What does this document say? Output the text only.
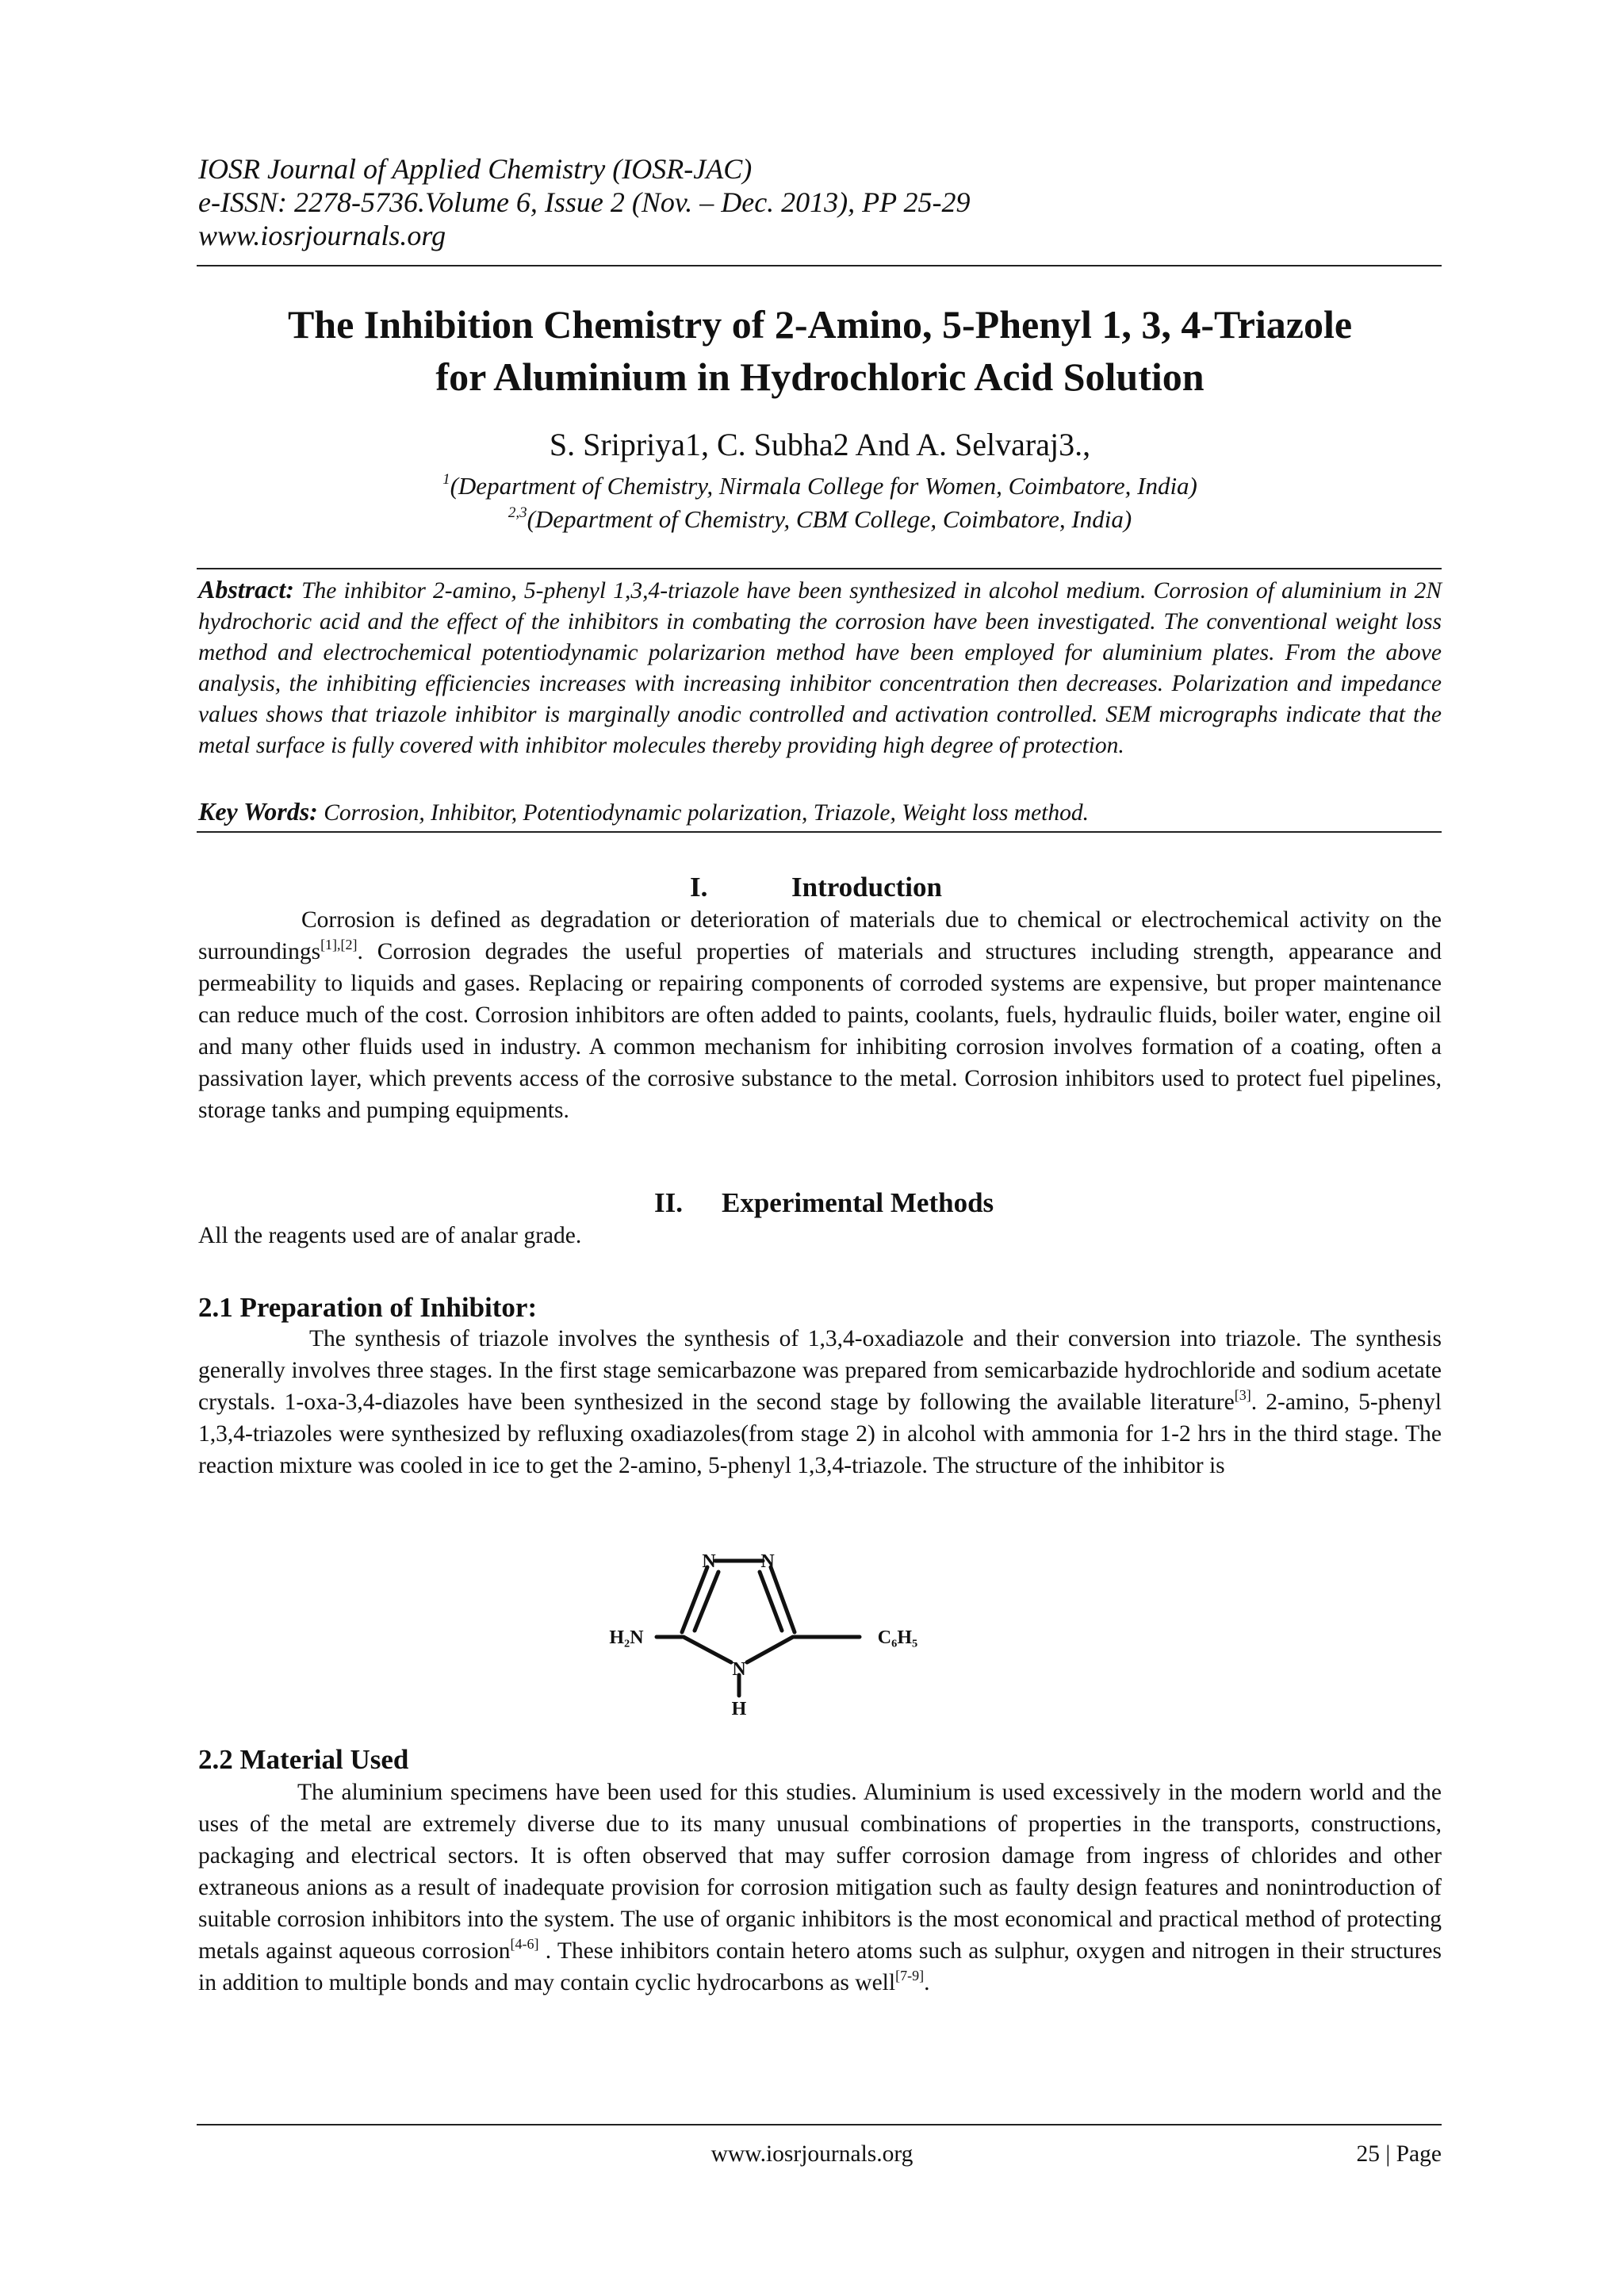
IOSR Journal of Applied Chemistry (IOSR-JAC)
e-ISSN: 2278-5736.Volume 6, Issue 2 (Nov. – Dec. 2013), PP 25-29
www.iosrjournals.org
The Inhibition Chemistry of 2-Amino, 5-Phenyl 1, 3, 4-Triazole
for Aluminium in Hydrochloric Acid Solution
S. Sripriya1, C. Subha2 And A. Selvaraj3.,
$^1$(Department of Chemistry, Nirmala College for Women, Coimbatore, India)
$^{2,3}$(Department of Chemistry, CBM College, Coimbatore, India)
Abstract: The inhibitor 2-amino, 5-phenyl 1,3,4-triazole have been synthesized in alcohol medium. Corrosion of aluminium in 2N hydrochoric acid and the effect of the inhibitors in combating the corrosion have been investigated. The conventional weight loss method and electrochemical potentiodynamic polarizarion method have been employed for aluminium plates. From the above analysis, the inhibiting efficiencies increases with increasing inhibitor concentration then decreases. Polarization and impedance values shows that triazole inhibitor is marginally anodic controlled and activation controlled. SEM micrographs indicate that the metal surface is fully covered with inhibitor molecules thereby providing high degree of protection.
Key Words: Corrosion, Inhibitor, Potentiodynamic polarization, Triazole, Weight loss method.
I.	Introduction
Corrosion is defined as degradation or deterioration of materials due to chemical or electrochemical activity on the surroundings[1],[2]. Corrosion degrades the useful properties of materials and structures including strength, appearance and permeability to liquids and gases. Replacing or repairing components of corroded systems are expensive, but proper maintenance can reduce much of the cost. Corrosion inhibitors are often added to paints, coolants, fuels, hydraulic fluids, boiler water, engine oil and many other fluids used in industry. A common mechanism for inhibiting corrosion involves formation of a coating, often a passivation layer, which prevents access of the corrosive substance to the metal. Corrosion inhibitors used to protect fuel pipelines, storage tanks and pumping equipments.
II. Experimental Methods
All the reagents used are of analar grade.
2.1 Preparation of Inhibitor:
The synthesis of triazole involves the synthesis of 1,3,4-oxadiazole and their conversion into triazole. The synthesis generally involves three stages. In the first stage semicarbazone was prepared from semicarbazide hydrochloride and sodium acetate crystals. 1-oxa-3,4-diazoles have been synthesized in the second stage by following the available literature[3]. 2-amino, 5-phenyl 1,3,4-triazoles were synthesized by refluxing oxadiazoles(from stage 2) in alcohol with ammonia for 1-2 hrs in the third stage. The reaction mixture was cooled in ice to get the 2-amino, 5-phenyl 1,3,4-triazole. The structure of the inhibitor is
N N
N
H
H₂N	C₆H₅
2.2 Material Used
The aluminium specimens have been used for this studies. Aluminium is used excessively in the modern world and the uses of the metal are extremely diverse due to its many unusual combinations of properties in the transports, constructions, packaging and electrical sectors. It is often observed that may suffer corrosion damage from ingress of chlorides and other extraneous anions as a result of inadequate provision for corrosion mitigation such as faulty design features and nonintroduction of suitable corrosion inhibitors into the system. The use of organic inhibitors is the most economical and practical method of protecting metals against aqueous corrosion[4-6] . These inhibitors contain hetero atoms such as sulphur, oxygen and nitrogen in their structures in addition to multiple bonds and may contain cyclic hydrocarbons as well[7-9].
www.iosrjournals.org	25 | Page
